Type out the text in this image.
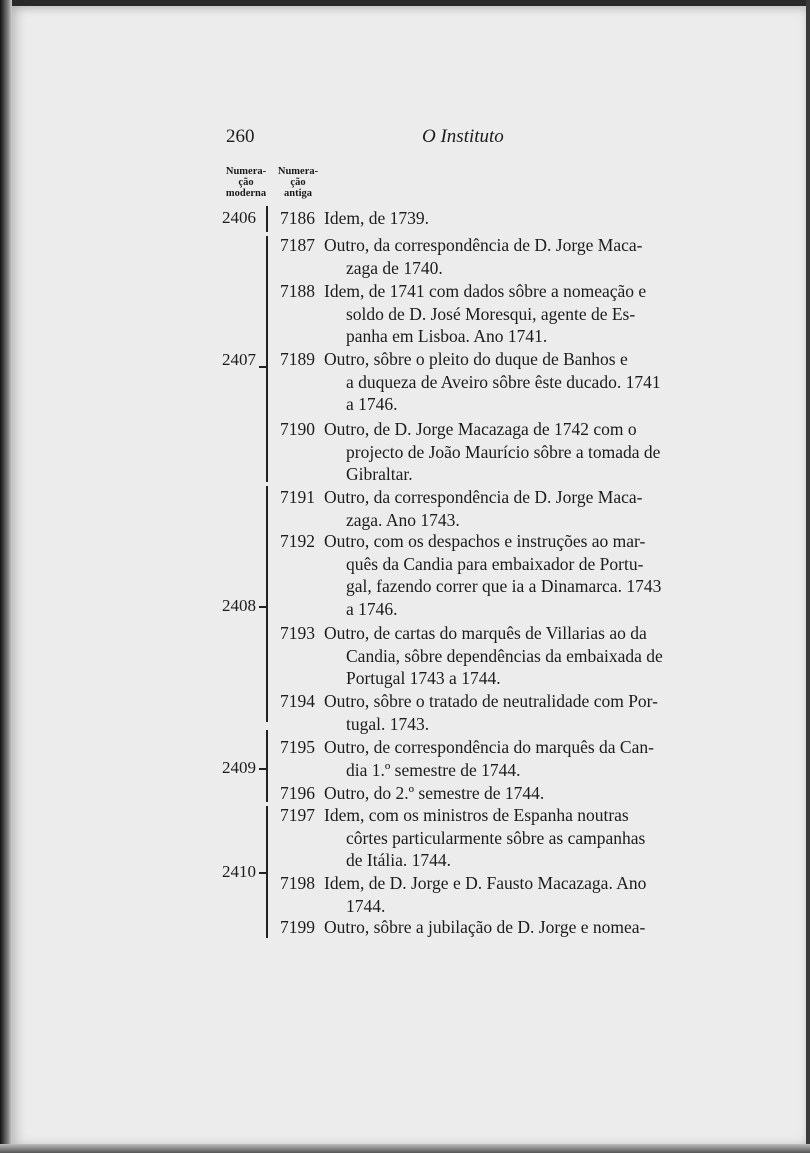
260	O Instituto
Numera-
ção
moderna
Numera-
ção
antiga
2406
2407
2408
2409
2410
7186 Idem, de 1739.
7187 Outro, da correspondência de D. Jorge Maca-
zaga de 1740.
7188 Idem, de 1741 com dados sôbre a nomeação e
soldo de D. José Moresqui, agente de Es-
panha em Lisboa. Ano 1741.
7189 Outro, sôbre o pleito do duque de Banhos e
a duqueza de Aveiro sôbre êste ducado. 1741
a 1746.
7190 Outro, de D. Jorge Macazaga de 1742 com o
projecto de João Maurício sôbre a tomada de
Gibraltar.
7191 Outro, da correspondência de D. Jorge Maca-
zaga. Ano 1743.
7192 Outro, com os despachos e instruções ao mar-
quês da Candia para embaixador de Portu-
gal, fazendo correr que ia a Dinamarca. 1743
a 1746.
7193 Outro, de cartas do marquês de Villarias ao da
Candia, sôbre dependências da embaixada de
Portugal 1743 a 1744.
7194 Outro, sôbre o tratado de neutralidade com Por-
tugal. 1743.
7195 Outro, de correspondência do marquês da Can-
dia 1.º semestre de 1744.
7196 Outro, do 2.º semestre de 1744.
7197 Idem, com os ministros de Espanha noutras
côrtes particularmente sôbre as campanhas
de Itália. 1744.
7198 Idem, de D. Jorge e D. Fausto Macazaga. Ano
1744.
7199 Outro, sôbre a jubilação de D. Jorge e nomea-
